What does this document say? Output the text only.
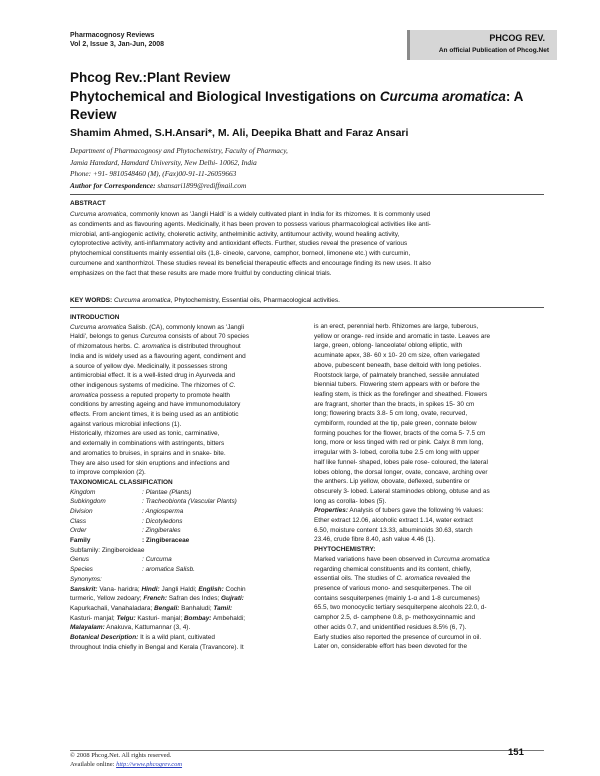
Pharmacognosy Reviews
Vol 2, Issue 3, Jan-Jun, 2008
PHCOG REV.
An official Publication of Phcog.Net
Phcog Rev.:Plant Review
Phytochemical and Biological Investigations on Curcuma aromatica: A Review
Shamim Ahmed, S.H.Ansari*, M. Ali, Deepika Bhatt and Faraz Ansari
Department of Pharmacognosy and Phytochemistry, Faculty of Pharmacy,
Jamia Hamdard, Hamdard University, New Delhi- 10062, India
Phone: +91- 9810548460 (M), (Fax)00-91-11-26059663
Author for Correspondence: shansari1899@rediffmail.com
ABSTRACT
Curcuma aromatica, commonly known as 'Jangli Haldi' is a widely cultivated plant in India for its rhizomes. It is commonly used
as condiments and as flavouring agents. Medicinally, it has been proven to possess various pharmacological activities like anti-
microbial, anti-angiogenic activity, choleretic activity, anthelminitic activity, antitumour activity, wound healing activity,
cytoprotective activity, anti-inflammatory activity and antioxidant effects. Further, studies reveal the presence of various
phytochemical constituents mainly essential oils (1,8- cineole, carvone, camphor, borneol, limonene etc.) with curcumin,
curcumene and xanthorrhizol. These studies reveal its beneficial therapeutic effects and encourage finding its new uses. It also
emphasizes on the fact that these results are made more fruitful by conducting clinical trials.
KEY WORDS: Curcuma aromatica, Phytochemistry, Essential oils, Pharmacological activities.
INTRODUCTION
Curcuma aromatica Salisb. (CA), commonly known as 'Jangli
Haldi', belongs to genus Curcuma consists of about 70 species
of rhizomatous herbs. C. aromatica is distributed throughout
India and is widely used as a flavouring agent, condiment and
a source of yellow dye. Medicinally, it possesses strong
antimicrobial effect. It is a well-listed drug in Ayurveda and
other indigenous systems of medicine. The rhizomes of C.
aromatica possess a reputed property to promote health
conditions by arresting ageing and have immunomodulatory
effects. From ancient times, it is being used as an antibiotic
against various microbial infections (1).
Historically, rhizomes are used as tonic, carminative,
and externally in combinations with astringents, bitters
and aromatics to bruises, in sprains and in snake- bite.
They are also used for skin eruptions and infections and
to improve complexion (2).
TAXONOMICAL CLASSIFICATION
Kingdom	: Plantae (Plants)
Subkingdom	: Tracheobionta (Vascular Plants)
Division	: Angiosperma
Class	: Dicotyledons
Order	: Zingiberales
Family	: Zingiberaceae
Subfamily: Zingiberoideae
Genus	: Curcuma
Species	: aromatica Salisb.
Synonyms:
Sanskrit: Vana- haridra; Hindi: Jangli Haldi; English: Cochin
turmeric, Yellow zedoary; French: Safran des Indes; Gujrati:
Kapurkachali, Vanahaladara; Bengali: Banhaludi; Tamil:
Kasturi- manjal; Telgu: Kasturi- manjal; Bombay: Ambehaldi;
Malayalam: Anakuva, Kattumannar (3, 4).
Botanical Description: It is a wild plant, cultivated
throughout India chiefly in Bengal and Kerala (Travancore). It
is an erect, perennial herb. Rhizomes are large, tuberous,
yellow or orange- red inside and aromatic in taste. Leaves are
large, green, oblong- lanceolate/ oblong elliptic, with
acuminate apex, 38- 60 x 10- 20 cm size, often variegated
above, pubescent beneath, base deltoid with long petioles.
Rootstock large, of palmately branched, sessile annulated
biennial tubers. Flowering stem appears with or before the
leafing stem, is thick as the forefinger and sheathed. Flowers
are fragrant, shorter than the bracts, in spikes 15- 30 cm
long; flowering bracts 3.8- 5 cm long, ovate, recurved,
cymbiform, rounded at the tip, pale green, connate below
forming pouches for the flower, bracts of the coma 5- 7.5 cm
long, more or less tinged with red or pink. Calyx 8 mm long,
irregular with 3- lobed, corolla tube 2.5 cm long with upper
half like funnel- shaped, lobes pale rose- coloured, the lateral
lobes oblong, the dorsal longer, ovate, concave, arching over
the anthers. Lip yellow, obovate, deflexed, subentire or
obscurely 3- lobed. Lateral staminodes oblong, obtuse and as
long as corolla- lobes (5).
Properties: Analysis of tubers gave the following % values:
Ether extract 12.06, alcoholic extract 1.14, water extract
6.50, moisture content 13.33, albuminoids 30.63, starch
23.46, crude fibre 8.40, ash value 4.46 (1).
PHYTOCHEMISTRY:
Marked variations have been observed in Curcuma aromatica
regarding chemical constituents and its content, chiefly,
essential oils. The studies of C. aromatica revealed the
presence of various mono- and sesquiterpenes. The oil
contains sesquiterpenes (mainly 1-α and 1-8 curcumenes)
65.5, two monocyclic tertiary sesquiterpene alcohols 22.0, d-
camphor 2.5, d- camphene 0.8, p- methoxycinnamic and
other acids 0.7, and unidentified residues 8.5% (6, 7).
Early studies also reported the presence of curcumol in oil.
Later on, considerable effort has been devoted for the
© 2008 Phcog.Net. All rights reserved.
Available online: http://www.phcogrev.com
151
